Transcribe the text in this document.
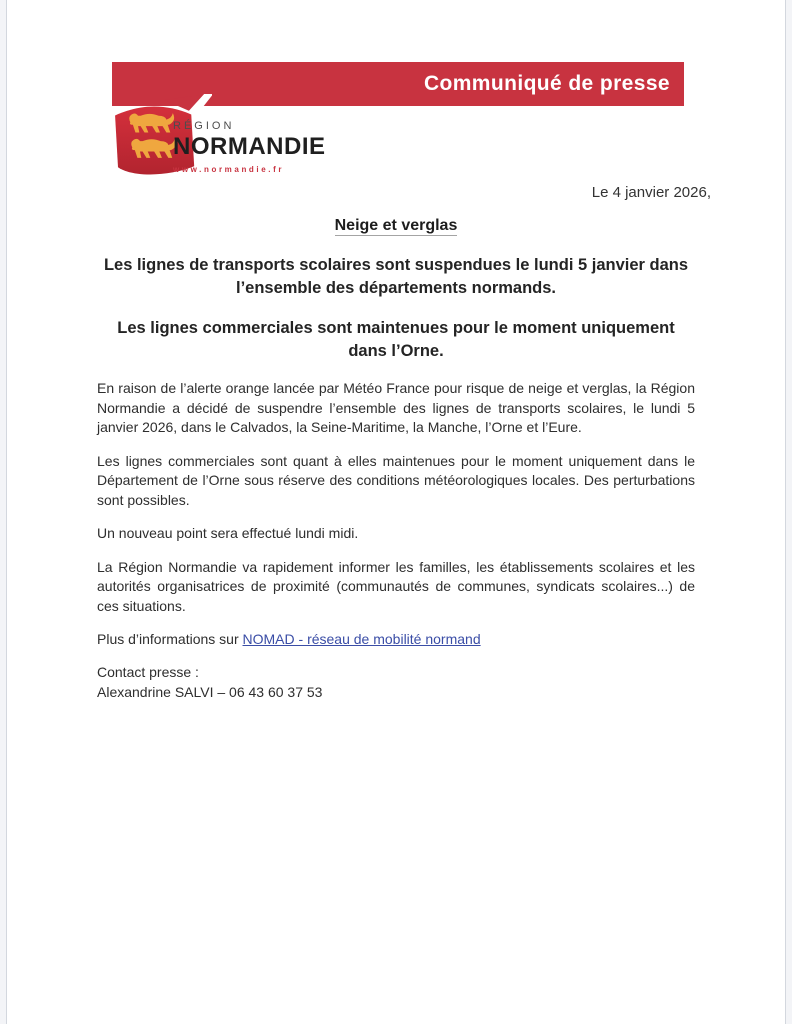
Communiqué de presse
RÉGION
NORMANDIE
www.normandie.fr
Le 4 janvier 2026,
Neige et verglas
Les lignes de transports scolaires sont suspendues le lundi 5 janvier dans l’ensemble des départements normands.
Les lignes commerciales sont maintenues pour le moment uniquement dans l’Orne.

En raison de l’alerte orange lancée par Météo France pour risque de neige et verglas, la Région Normandie a décidé de suspendre l’ensemble des lignes de transports scolaires, le lundi 5 janvier 2026, dans le Calvados, la Seine-Maritime, la Manche, l’Orne et l’Eure.

Les lignes commerciales sont quant à elles maintenues pour le moment uniquement dans le Département de l’Orne sous réserve des conditions météorologiques locales. Des perturbations sont possibles.

Un nouveau point sera effectué lundi midi.

La Région Normandie va rapidement informer les familles, les établissements scolaires et les autorités organisatrices de proximité (communautés de communes, syndicats scolaires...) de ces situations.

Plus d’informations sur NOMAD - réseau de mobilité normand

Contact presse :
Alexandrine SALVI – 06 43 60 37 53
